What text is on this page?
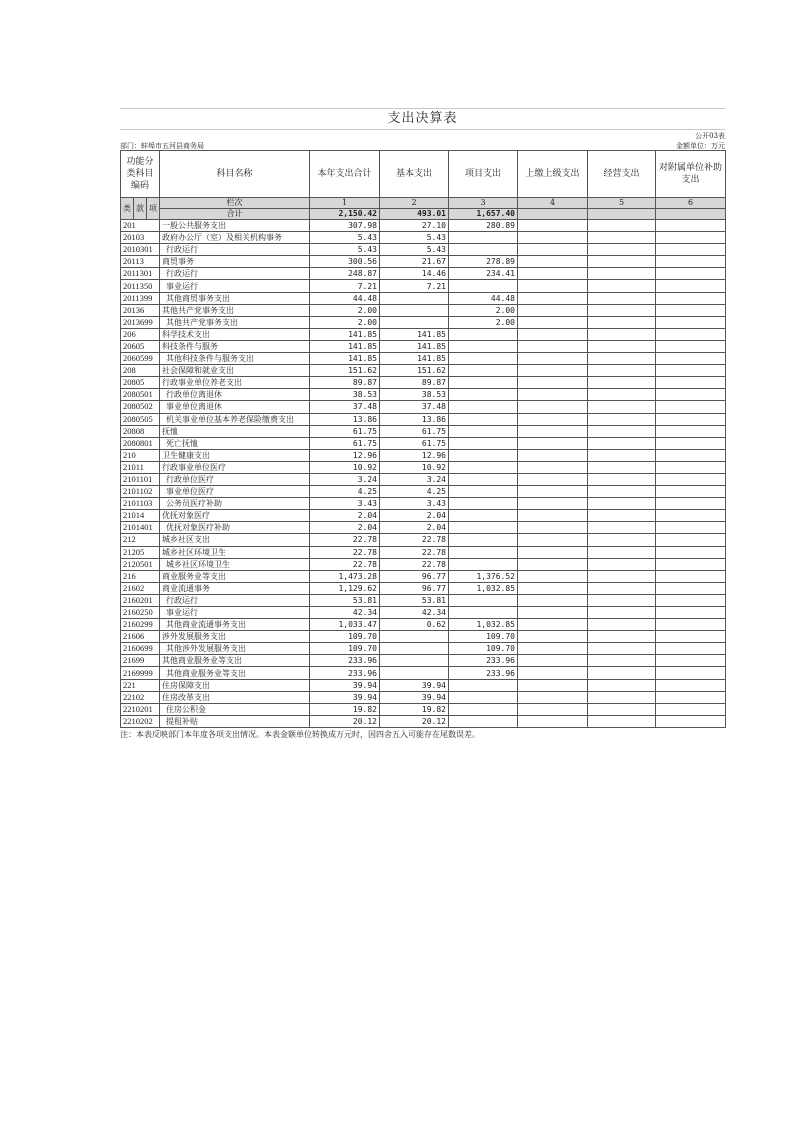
支出决算表
公开03表
部门：蚌埠市五河县商务局	金额单位：万元
功能分类科目编码			科目名称	本年支出合计	基本支出	项目支出	上缴上级支出	经营支出	对附属单位补助支出
类	款	项	栏次	1	2	3	4	5	6
			合计	2,150.42	493.01	1,657.40			
201			一般公共服务支出	307.98	27.10	280.89			
20103			政府办公厅（室）及相关机构事务	5.43	5.43				
2010301			行政运行	5.43	5.43				
20113			商贸事务	300.56	21.67	278.89			
2011301			行政运行	248.87	14.46	234.41			
2011350			事业运行	7.21	7.21				
2011399			其他商贸事务支出	44.48		44.48			
20136			其他共产党事务支出	2.00		2.00			
2013699			其他共产党事务支出	2.00		2.00			
206			科学技术支出	141.85	141.85				
20605			科技条件与服务	141.85	141.85				
2060599			其他科技条件与服务支出	141.85	141.85				
208			社会保障和就业支出	151.62	151.62				
20805			行政事业单位养老支出	89.87	89.87				
2080501			行政单位离退休	38.53	38.53				
2080502			事业单位离退休	37.48	37.48				
2080505			机关事业单位基本养老保险缴费支出	13.86	13.86				
20808			抚恤	61.75	61.75				
2080801			死亡抚恤	61.75	61.75				
210			卫生健康支出	12.96	12.96				
21011			行政事业单位医疗	10.92	10.92				
2101101			行政单位医疗	3.24	3.24				
2101102			事业单位医疗	4.25	4.25				
2101103			公务员医疗补助	3.43	3.43				
21014			优抚对象医疗	2.04	2.04				
2101401			优抚对象医疗补助	2.04	2.04				
212			城乡社区支出	22.78	22.78				
21205			城乡社区环境卫生	22.78	22.78				
2120501			城乡社区环境卫生	22.78	22.78				
216			商业服务业等支出	1,473.28	96.77	1,376.52			
21602			商业流通事务	1,129.62	96.77	1,032.85			
2160201			行政运行	53.81	53.81				
2160250			事业运行	42.34	42.34				
2160299			其他商业流通事务支出	1,033.47	0.62	1,032.85			
21606			涉外发展服务支出	109.70		109.70			
2160699			其他涉外发展服务支出	109.70		109.70			
21699			其他商业服务业等支出	233.96		233.96			
2169999			其他商业服务业等支出	233.96		233.96			
221			住房保障支出	39.94	39.94				
22102			住房改革支出	39.94	39.94				
2210201			住房公积金	19.82	19.82				
2210202			提租补贴	20.12	20.12				
注：本表反映部门本年度各项支出情况。本表金额单位转换成万元时，因四舍五入可能存在尾数误差。
